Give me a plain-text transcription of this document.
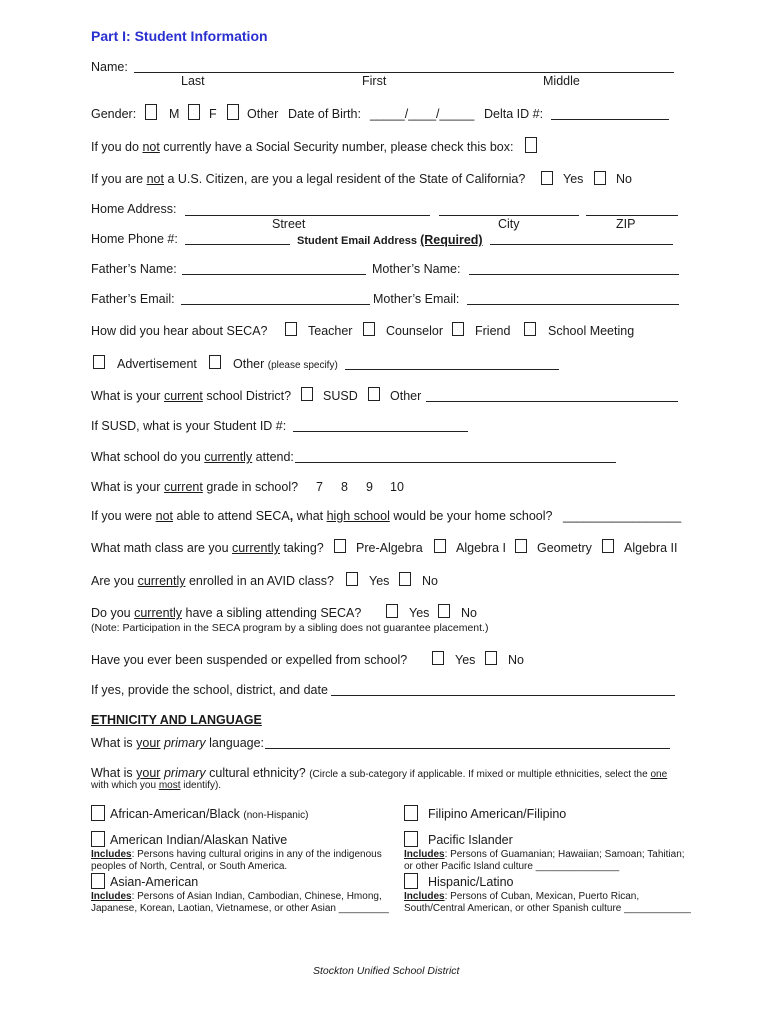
Part I: Student Information
Name:
Last	First	Middle
Gender:	M F Other Date of Birth: _____/____/_____ Delta ID #:
If you do not currently have a Social Security number, please check this box:
If you are not a U.S. Citizen, are you a legal resident of the State of California?	Yes	No
Home Address:
Street	City	ZIP
Home Phone #:	Student Email Address (Required)
Father’s Name:	Mother’s Name:
Father’s Email:	Mother’s Email:
How did you hear about SECA?	Teacher	Counselor	Friend	School Meeting
Advertisement	Other (please specify)
What is your current school District?	SUSD	Other
If SUSD, what is your Student ID #:
What school do you currently attend:
What is your current grade in school? 7 8 9 10
If you were not able to attend SECA, what high school would be your home school? _________________
What math class are you currently taking?	Pre-Algebra	Algebra I Geometry	Algebra II
Are you currently enrolled in an AVID class?	Yes	No
Do you currently have a sibling attending SECA?	Yes	No
(Note: Participation in the SECA program by a sibling does not guarantee placement.)
Have you ever been suspended or expelled from school?	Yes	No
If yes, provide the school, district, and date
ETHNICITY AND LANGUAGE
What is your primary language:
What is your primary cultural ethnicity? (Circle a sub-category if applicable. If mixed or multiple ethnicities, select the one
with which you most identify).
African-American/Black (non-Hispanic)
American Indian/Alaskan Native
Includes: Persons having cultural origins in any of the indigenous
peoples of North, Central, or South America.
Asian-American
Includes: Persons of Asian Indian, Cambodian, Chinese, Hmong,
Japanese, Korean, Laotian, Vietnamese, or other Asian _________
Filipino American/Filipino
Pacific Islander
Includes: Persons of Guamanian; Hawaiian; Samoan; Tahitian;
or other Pacific Island culture _______________
Hispanic/Latino
Includes: Persons of Cuban, Mexican, Puerto Rican,
South/Central American, or other Spanish culture ____________
Stockton Unified School District
